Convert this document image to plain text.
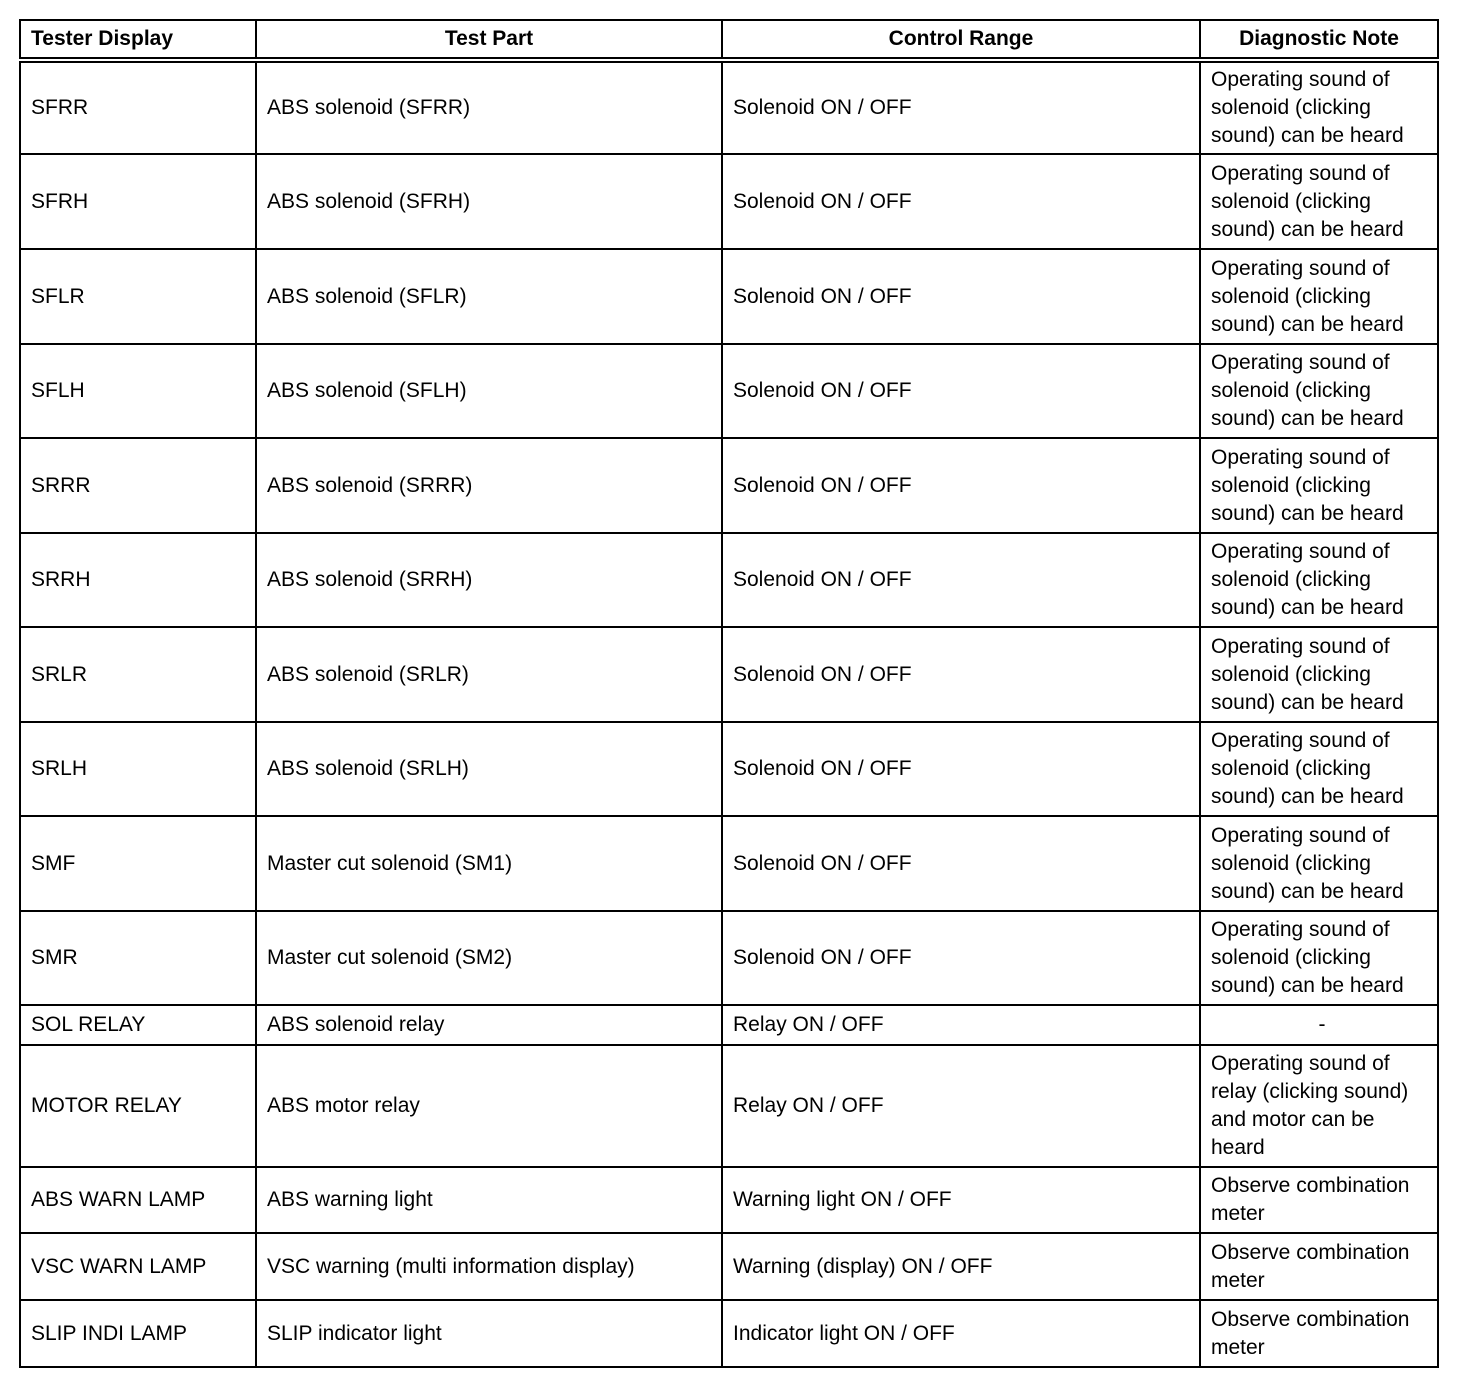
Tester Display	Test Part	Control Range	Diagnostic Note
SFRR	ABS solenoid (SFRR)	Solenoid ON / OFF	Operating sound of
solenoid (clicking
sound) can be heard
SFRH	ABS solenoid (SFRH)	Solenoid ON / OFF	Operating sound of
solenoid (clicking
sound) can be heard
SFLR	ABS solenoid (SFLR)	Solenoid ON / OFF	Operating sound of
solenoid (clicking
sound) can be heard
SFLH	ABS solenoid (SFLH)	Solenoid ON / OFF	Operating sound of
solenoid (clicking
sound) can be heard
SRRR	ABS solenoid (SRRR)	Solenoid ON / OFF	Operating sound of
solenoid (clicking
sound) can be heard
SRRH	ABS solenoid (SRRH)	Solenoid ON / OFF	Operating sound of
solenoid (clicking
sound) can be heard
SRLR	ABS solenoid (SRLR)	Solenoid ON / OFF	Operating sound of
solenoid (clicking
sound) can be heard
SRLH	ABS solenoid (SRLH)	Solenoid ON / OFF	Operating sound of
solenoid (clicking
sound) can be heard
SMF	Master cut solenoid (SM1)	Solenoid ON / OFF	Operating sound of
solenoid (clicking
sound) can be heard
SMR	Master cut solenoid (SM2)	Solenoid ON / OFF	Operating sound of
solenoid (clicking
sound) can be heard
SOL RELAY	ABS solenoid relay	Relay ON / OFF	-
MOTOR RELAY	ABS motor relay	Relay ON / OFF	Operating sound of
relay (clicking sound)
and motor can be
heard
ABS WARN LAMP	ABS warning light	Warning light ON / OFF	Observe combination
meter
VSC WARN LAMP	VSC warning (multi information display)	Warning (display) ON / OFF	Observe combination
meter
SLIP INDI LAMP	SLIP indicator light	Indicator light ON / OFF	Observe combination
meter
